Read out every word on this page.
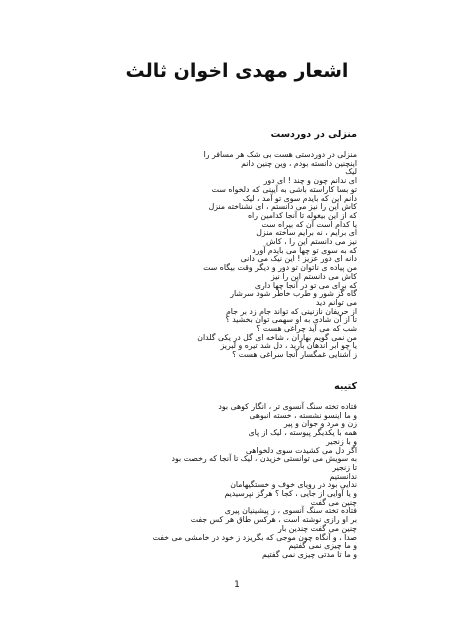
اشعار مهدی اخوان ثالث
منزلی در دوردست
منزلی در دوردستی هست بی شک هر مسافر را
اینچنین دانسته بودم ، وین چنین دانم
لیک
ای ندانم چون و چند ! ای دور
تو بسا کاراسته باشی به آیینی که دلخواه ست
دانم این که بایدم سوی تو آمد ، لیک
کاش این را نیز می دانستم ، ای نشناخته منزل
که از این بیغوله تا آنجا کدامین راه
یا کدام است آن که بیراه ست
ای برایم ، نه برایم ساخته منزل
نیز می دانستم این را ، کاش
که به سوی تو چها می بایدم آورد
دانه ای دور عزیز ! این نیک می دانی
من پیاده ی ناتوان تو دور و دیگر وقت بیگاه ست
کاش می دانستم این را نیز
که برای می تو در آنجا چها داری
گاه گز شور و طرب خاطر شود سرشار
می توانم دید
از حریفان نازنینی که تواند جام زد بر جام
تا از آن شادی به او سهمی توان بخشید ؟
شب که می آید چراغی هست ؟
من نمی گویم بهاران ، شاخه ای گل در یکی گلدان
یا چو ابر اندهان بارید ، دل شد تیره و لبریز
ز آشنایی غمگسار آنجا سراغی هست ؟
کتیبه
فتاده تخته سنگ آنسوی تر ، انگار کوهی بود
و ما اینسو نشسته ، خسته انبوهی
زن و مرد و جوان و پیر
همه با یکدیگر پیوسته ، لیک از پای
و با زنجیر
اگر دل می کشیدت سوی دلخواهی
به سویش می توانستی خزیدن ، لیک تا آنجا که رخصت بود
تا زنجیر
ندانستیم
ندایی بود در رویای خوف و خستگیهامان
و یا آوایی از جایی ، کجا ؟ هرگز نپرسیدیم
چنین می گفت
فتاده تخته سنگ آنسوی ، ز پیشینیان پیری
بر او رازی نوشته است ، هرکس طاق هر کس جفت
چنین می گفت چندین بار
صدا ، و آنگاه چون موجی که بگریزد ز خود در خامشی می خفت
و ما چیزی نمی گفتیم
و ما تا مدتی چیزی نمی گفتیم
1
